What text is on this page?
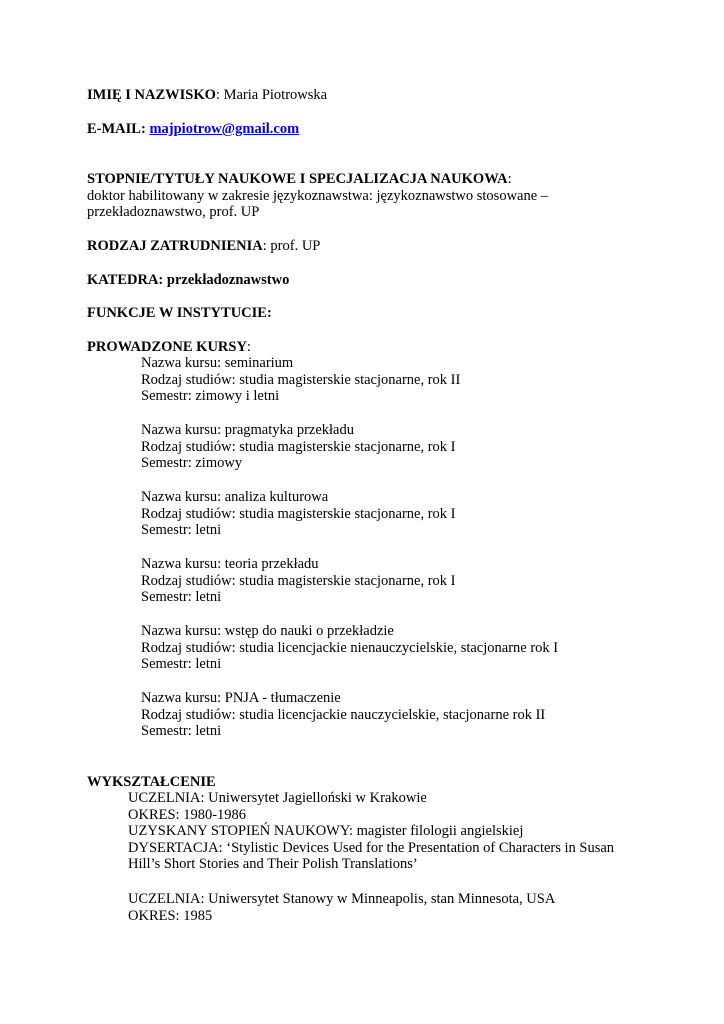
IMIĘ I NAZWISKO: Maria Piotrowska
E-MAIL: majpiotrow@gmail.com
STOPNIE/TYTUŁY NAUKOWE I SPECJALIZACJA NAUKOWA:
doktor habilitowany w zakresie językoznawstwa: językoznawstwo stosowane –
przekładoznawstwo, prof. UP
RODZAJ ZATRUDNIENIA: prof. UP
KATEDRA: przekładoznawstwo
FUNKCJE W INSTYTUCIE:
PROWADZONE KURSY:
Nazwa kursu: seminarium
Rodzaj studiów: studia magisterskie stacjonarne, rok II
Semestr: zimowy i letni
Nazwa kursu: pragmatyka przekładu
Rodzaj studiów: studia magisterskie stacjonarne, rok I
Semestr: zimowy
Nazwa kursu: analiza kulturowa
Rodzaj studiów: studia magisterskie stacjonarne, rok I
Semestr: letni
Nazwa kursu: teoria przekładu
Rodzaj studiów: studia magisterskie stacjonarne, rok I
Semestr: letni
Nazwa kursu: wstęp do nauki o przekładzie
Rodzaj studiów: studia licencjackie nienauczycielskie, stacjonarne rok I
Semestr: letni
Nazwa kursu: PNJA - tłumaczenie
Rodzaj studiów: studia licencjackie nauczycielskie, stacjonarne rok II
Semestr: letni
WYKSZTAŁCENIE
UCZELNIA: Uniwersytet Jagielloński w Krakowie
OKRES: 1980-1986
UZYSKANY STOPIEŃ NAUKOWY: magister filologii angielskiej
DYSERTACJA: ‘Stylistic Devices Used for the Presentation of Characters in Susan
Hill’s Short Stories and Their Polish Translations’
UCZELNIA: Uniwersytet Stanowy w Minneapolis, stan Minnesota, USA
OKRES: 1985
